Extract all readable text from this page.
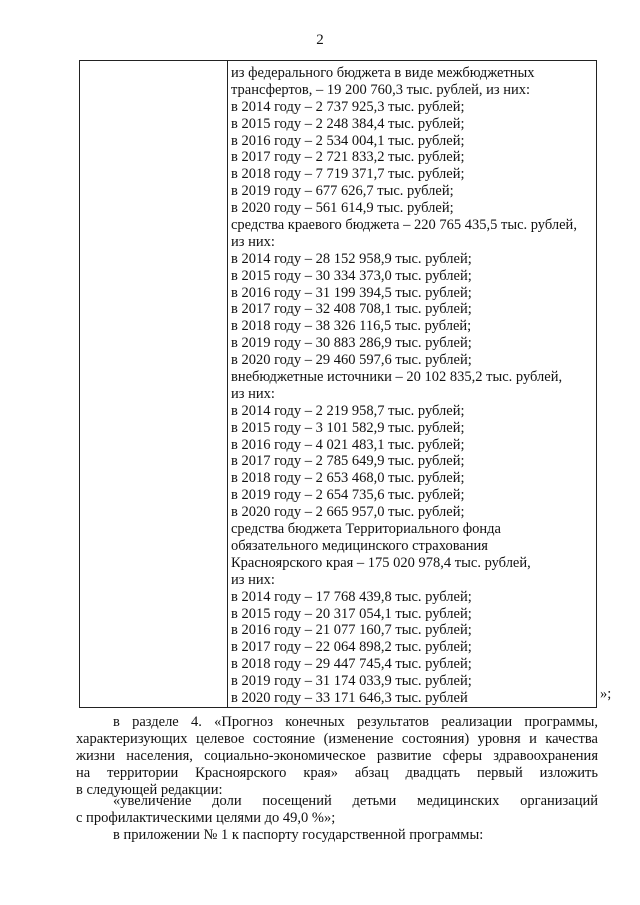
2

из федерального бюджета в виде межбюджетных
трансфертов, – 19 200 760,3 тыс. рублей, из них:
в 2014 году – 2 737 925,3 тыс. рублей;
в 2015 году – 2 248 384,4 тыс. рублей;
в 2016 году – 2 534 004,1 тыс. рублей;
в 2017 году – 2 721 833,2 тыс. рублей;
в 2018 году – 7 719 371,7 тыс. рублей;
в 2019 году – 677 626,7 тыс. рублей;
в 2020 году – 561 614,9 тыс. рублей;
средства краевого бюджета – 220 765 435,5 тыс. рублей,
из них:
в 2014 году – 28 152 958,9 тыс. рублей;
в 2015 году – 30 334 373,0 тыс. рублей;
в 2016 году – 31 199 394,5 тыс. рублей;
в 2017 году – 32 408 708,1 тыс. рублей;
в 2018 году – 38 326 116,5 тыс. рублей;
в 2019 году – 30 883 286,9 тыс. рублей;
в 2020 году – 29 460 597,6 тыс. рублей;
внебюджетные источники – 20 102 835,2 тыс. рублей,
из них:
в 2014 году – 2 219 958,7 тыс. рублей;
в 2015 году – 3 101 582,9 тыс. рублей;
в 2016 году – 4 021 483,1 тыс. рублей;
в 2017 году – 2 785 649,9 тыс. рублей;
в 2018 году – 2 653 468,0 тыс. рублей;
в 2019 году – 2 654 735,6 тыс. рублей;
в 2020 году – 2 665 957,0 тыс. рублей;
средства бюджета Территориального фонда
обязательного медицинского страхования
Красноярского края – 175 020 978,4 тыс. рублей,
из них:
в 2014 году – 17 768 439,8 тыс. рублей;
в 2015 году – 20 317 054,1 тыс. рублей;
в 2016 году – 21 077 160,7 тыс. рублей;
в 2017 году – 22 064 898,2 тыс. рублей;
в 2018 году – 29 447 745,4 тыс. рублей;
в 2019 году – 31 174 033,9 тыс. рублей;
в 2020 году – 33 171 646,3 тыс. рублей	»;
в разделе 4. «Прогноз конечных результатов реализации программы,
характеризующих целевое состояние (изменение состояния) уровня и качества
жизни населения, социально-экономическое развитие сферы здравоохранения
на территории Красноярского края» абзац двадцать первый изложить
в следующей редакции:
«увеличение доли посещений детьми медицинских организаций
с профилактическими целями до 49,0 %»;
в приложении № 1 к паспорту государственной программы:
